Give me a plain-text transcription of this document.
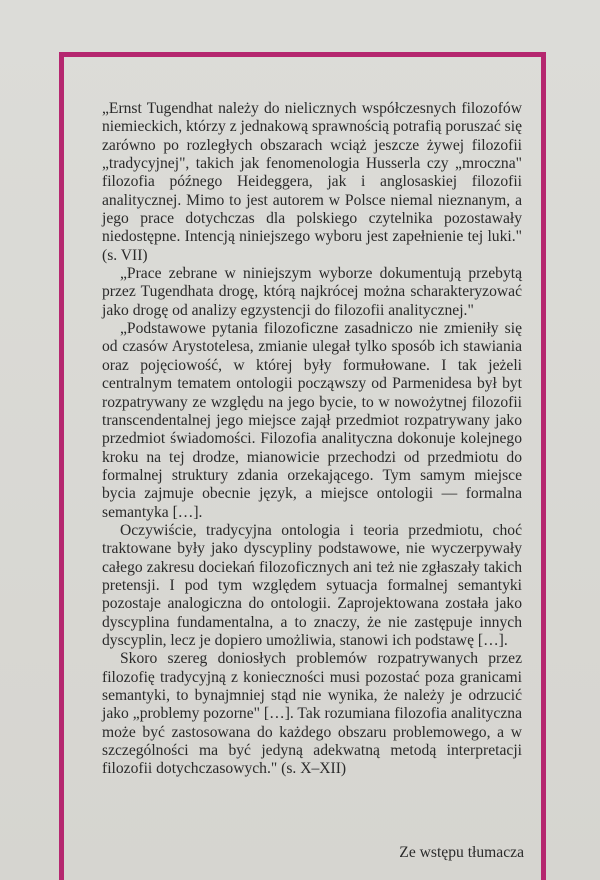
„Ernst Tugendhat należy do nielicznych współczesnych filozofów niemieckich, którzy z jednakową sprawnością potrafią poruszać się zarówno po rozległych obszarach wciąż jeszcze żywej filozofii „tradycyjnej", takich jak fenomenologia Husserla czy „mroczna" filozofia późnego Heideggera, jak i anglosaskiej filozofii analitycznej. Mimo to jest autorem w Polsce niemal nieznanym, a jego prace dotychczas dla polskiego czytelnika pozostawały niedostępne. Intencją niniejszego wyboru jest zapełnienie tej luki." (s. VII)

„Prace zebrane w niniejszym wyborze dokumentują przebytą przez Tugendhata drogę, którą najkrócej można scharakteryzować jako drogę od analizy egzystencji do filozofii analitycznej."

„Podstawowe pytania filozoficzne zasadniczo nie zmieniły się od czasów Arystotelesa, zmianie ulegał tylko sposób ich stawiania oraz pojęciowość, w której były formułowane. I tak jeżeli centralnym tematem ontologii począwszy od Parmenidesa był byt rozpatrywany ze względu na jego bycie, to w nowożytnej filozofii transcendentalnej jego miejsce zajął przedmiot rozpatrywany jako przedmiot świadomości. Filozofia analityczna dokonuje kolejnego kroku na tej drodze, mianowicie przechodzi od przedmiotu do formalnej struktury zdania orzekającego. Tym samym miejsce bycia zajmuje obecnie język, a miejsce ontologii — formalna semantyka […].

Oczywiście, tradycyjna ontologia i teoria przedmiotu, choć traktowane były jako dyscypliny podstawowe, nie wyczerpywały całego zakresu dociekań filozoficznych ani też nie zgłaszały takich pretensji. I pod tym względem sytuacja formalnej semantyki pozostaje analogiczna do ontologii. Zaprojektowana została jako dyscyplina fundamentalna, a to znaczy, że nie zastępuje innych dyscyplin, lecz je dopiero umożliwia, stanowi ich podstawę […].

Skoro szereg doniosłych problemów rozpatrywanych przez filozofię tradycyjną z konieczności musi pozostać poza granicami semantyki, to bynajmniej stąd nie wynika, że należy je odrzucić jako „problemy pozorne" […]. Tak rozumiana filozofia analityczna może być zastosowana do każdego obszaru problemowego, a w szczególności ma być jedyną adekwatną metodą interpretacji filozofii dotychczasowych." (s. X–XII)

Ze wstępu tłumacza
